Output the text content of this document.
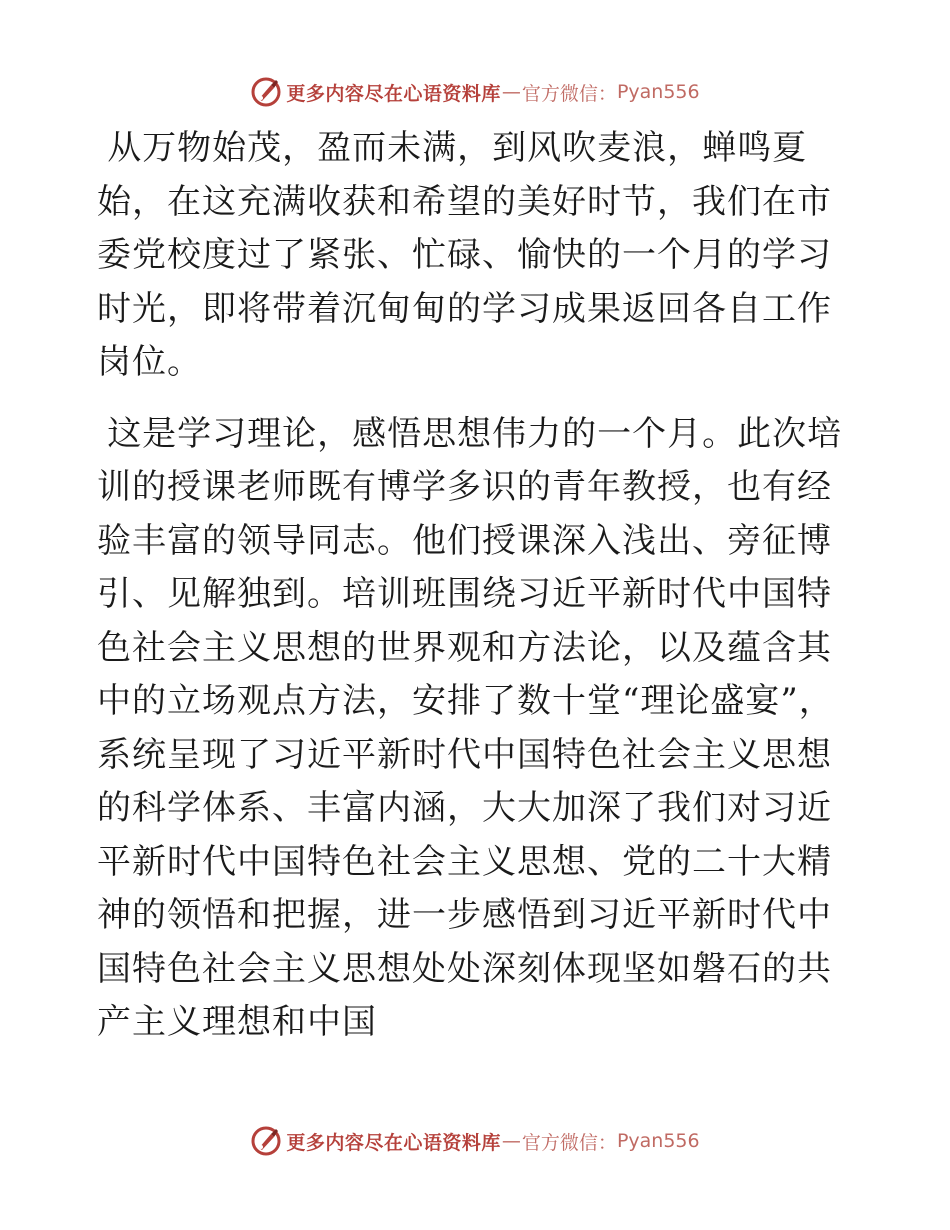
更多内容尽在心语资料库 — 官方微信： Pyan556

从万物始茂，盈而未满，到风吹麦浪，蝉鸣夏始，在这充满收获和希望的美好时节，我们在市委党校度过了紧张、忙碌、愉快的一个月的学习时光，即将带着沉甸甸的学习成果返回各自工作岗位。

这是学习理论，感悟思想伟力的一个月。此次培训的授课老师既有博学多识的青年教授，也有经验丰富的领导同志。他们授课深入浅出、旁征博引、见解独到。培训班围绕习近平新时代中国特色社会主义思想的世界观和方法论，以及蕴含其中的立场观点方法，安排了数十堂“理论盛宴”，系统呈现了习近平新时代中国特色社会主义思想的科学体系、丰富内涵，大大加深了我们对习近平新时代中国特色社会主义思想、党的二十大精神的领悟和把握，进一步感悟到习近平新时代中国特色社会主义思想处处深刻体现坚如磐石的共产主义理想和中国

更多内容尽在心语资料库 — 官方微信： Pyan556
